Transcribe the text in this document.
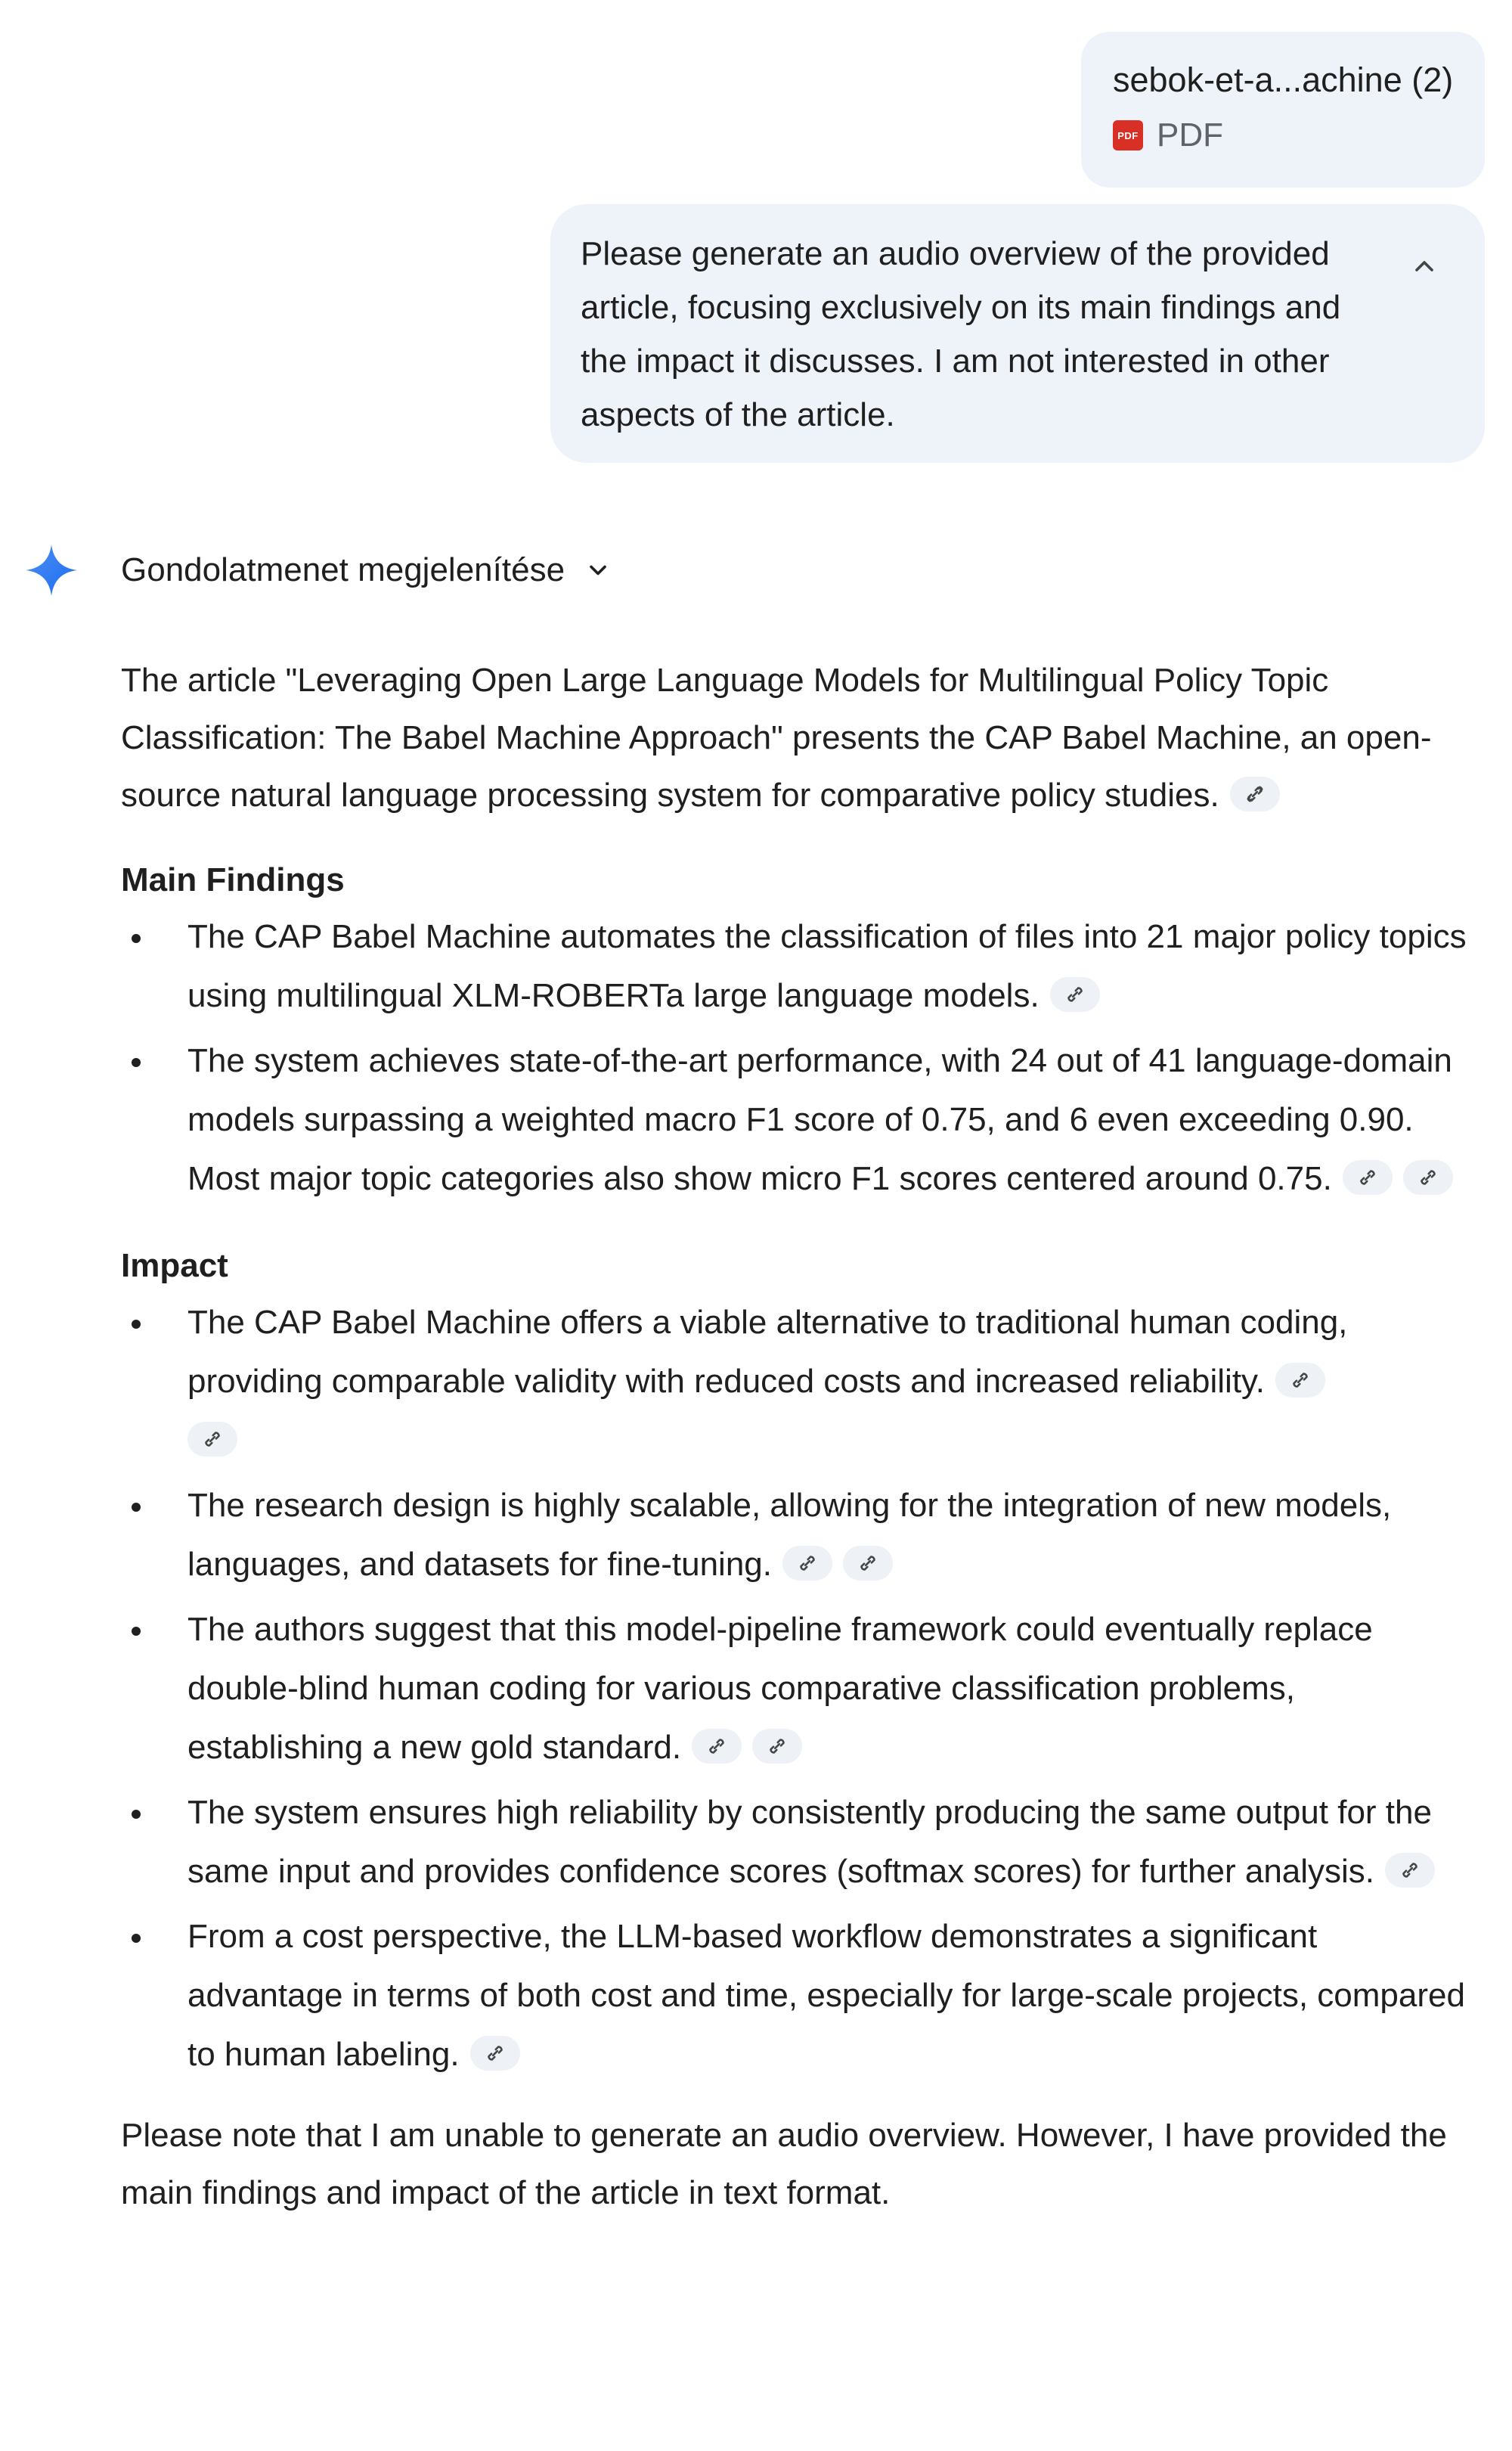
sebok-et-a...achine (2)
PDF PDF
Please generate an audio overview of the provided article, focusing exclusively on its main findings and the impact it discusses. I am not interested in other aspects of the article.
Gondolatmenet megjelenítése

The article "Leveraging Open Large Language Models for Multilingual Policy Topic Classification: The Babel Machine Approach" presents the CAP Babel Machine, an open-source natural language processing system for comparative policy studies.

Main Findings
The CAP Babel Machine automates the classification of files into 21 major policy topics using multilingual XLM-ROBERTa large language models.
The system achieves state-of-the-art performance, with 24 out of 41 language-domain models surpassing a weighted macro F1 score of 0.75, and 6 even exceeding 0.90. Most major topic categories also show micro F1 scores centered around 0.75.
Impact
The CAP Babel Machine offers a viable alternative to traditional human coding, providing comparable validity with reduced costs and increased reliability.

The research design is highly scalable, allowing for the integration of new models, languages, and datasets for fine-tuning.
The authors suggest that this model-pipeline framework could eventually replace double-blind human coding for various comparative classification problems, establishing a new gold standard.
The system ensures high reliability by consistently producing the same output for the same input and provides confidence scores (softmax scores) for further analysis.
From a cost perspective, the LLM-based workflow demonstrates a significant advantage in terms of both cost and time, especially for large-scale projects, compared to human labeling.

Please note that I am unable to generate an audio overview. However, I have provided the main findings and impact of the article in text format.
